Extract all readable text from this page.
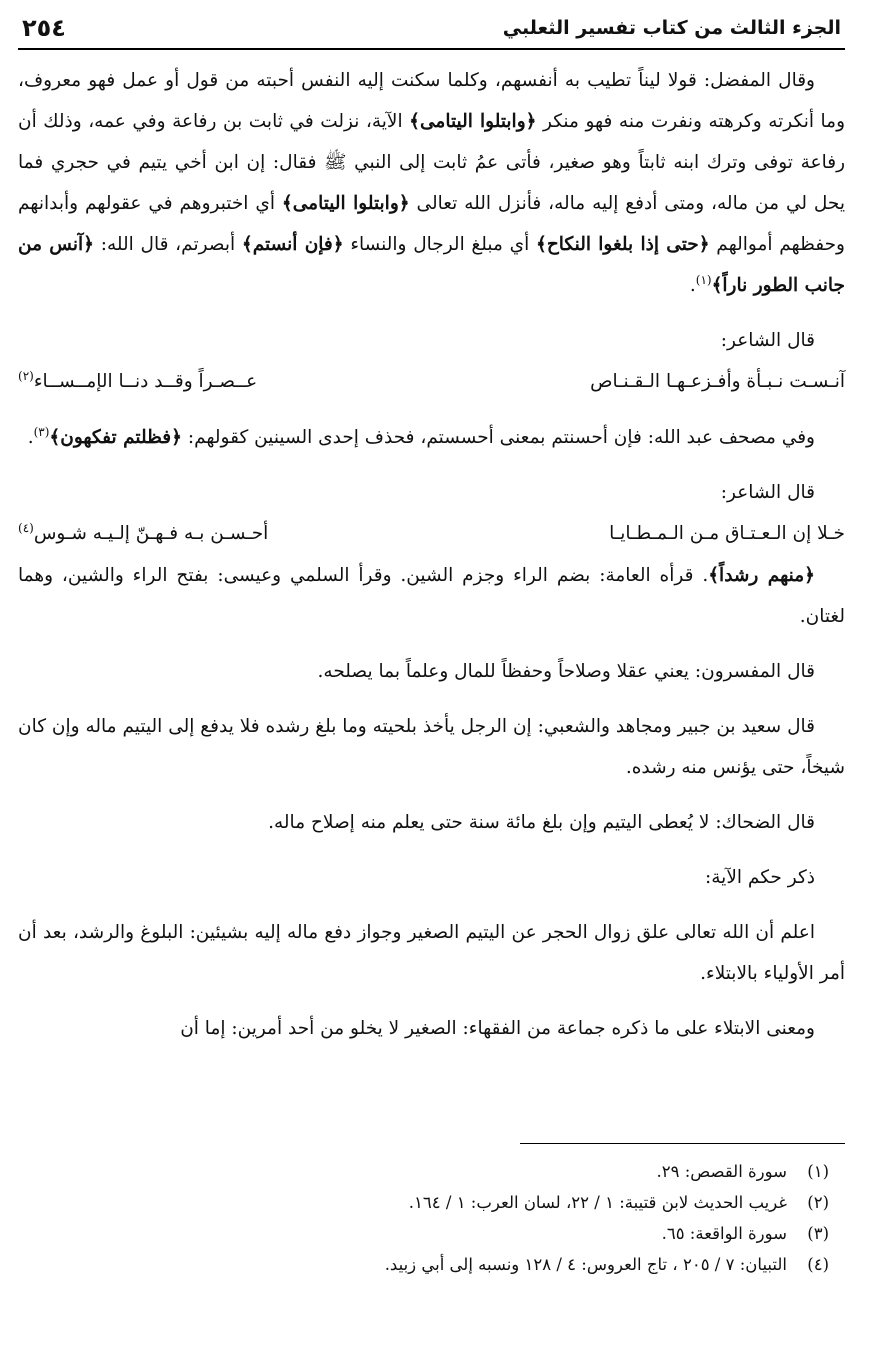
الجزء الثالث من كتاب تفسير الثعلبي
٢٥٤

وقال المفضل: قولا ليناً تطيب به أنفسهم، وكلما سكنت إليه النفس أحبته من قول أو عمل فهو معروف، وما أنكرته وكرهته ونفرت منه فهو منكر ﴿وابتلوا اليتامى﴾ الآية، نزلت في ثابت بن رفاعة وفي عمه، وذلك أن رفاعة توفى وترك ابنه ثابتاً وهو صغير، فأتى عمُ ثابت إلى النبي ﷺ فقال: إن ابن أخي يتيم في حجري فما يحل لي من ماله، ومتى أدفع إليه ماله، فأنزل الله تعالى ﴿وابتلوا اليتامى﴾ أي اختبروهم في عقولهم وأبدانهم وحفظهم أموالهم ﴿حتى إذا بلغوا النكاح﴾ أي مبلغ الرجال والنساء ﴿فإن أنستم﴾ أبصرتم، قال الله: ﴿آنس من جانب الطور ناراً﴾$^{(١)}$.

قال الشاعر:

آنـسـت نـبـأة وأفـزعـهـا الـقـنـاص
عــصـراً وقــد دنــا الإمــســاء$^{(٢)}$

وفي مصحف عبد الله: فإن أحسنتم بمعنى أحسستم، فحذف إحدى السينين كقولهم: ﴿فظلتم تفكهون﴾$^{(٣)}$.

قال الشاعر:

خـلا إن الـعـتـاق مـن الـمـطـايـا
أحـسـن بـه فـهـنّ إلـيـه شـوس$^{(٤)}$

﴿منهم رشداً﴾. قرأه العامة: بضم الراء وجزم الشين. وقرأ السلمي وعيسى: بفتح الراء والشين، وهما لغتان.

قال المفسرون: يعني عقلا وصلاحاً وحفظاً للمال وعلماً بما يصلحه.

قال سعيد بن جبير ومجاهد والشعبي: إن الرجل يأخذ بلحيته وما بلغ رشده فلا يدفع إلى اليتيم ماله وإن كان شيخاً، حتى يؤنس منه رشده.

قال الضحاك: لا يُعطى اليتيم وإن بلغ مائة سنة حتى يعلم منه إصلاح ماله.

ذكر حكم الآية:

اعلم أن الله تعالى علق زوال الحجر عن اليتيم الصغير وجواز دفع ماله إليه بشيئين: البلوغ والرشد، بعد أن أمر الأولياء بالابتلاء.

ومعنى الابتلاء على ما ذكره جماعة من الفقهاء: الصغير لا يخلو من أحد أمرين: إما أن

(١)
سورة القصص: ٢٩.
(٢)
غريب الحديث لابن قتيبة: ١ / ٢٢، لسان العرب: ١ / ١٦٤.
(٣)
سورة الواقعة: ٦٥.
(٤)
التبيان: ٧ / ٢٠٥ ، تاج العروس: ٤ / ١٢٨ ونسبه إلى أبي زبيد.
